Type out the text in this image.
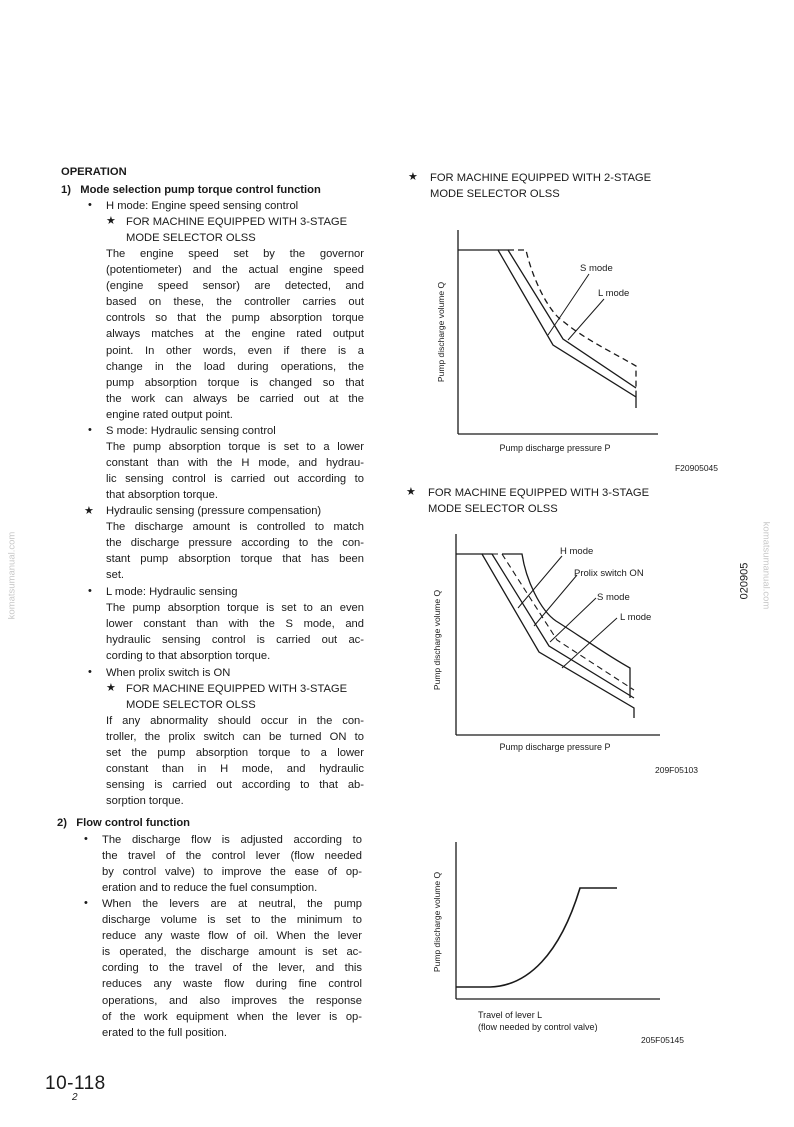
OPERATION
1)   Mode selection pump torque control function
• H mode: Engine speed sensing control
★ FOR MACHINE EQUIPPED WITH 3-STAGE
MODE SELECTOR OLSS
The engine speed set by the governor
(potentiometer) and the actual engine speed
(engine speed sensor) are detected, and
based on these, the controller carries out
controls so that the pump absorption torque
always matches at the engine rated output
point. In other words, even if there is a
change in the load during operations, the
pump absorption torque is changed so that
the work can always be carried out at the
engine rated output point.
• S mode: Hydraulic sensing control
The pump absorption torque is set to a lower
constant than with the H mode, and hydrau-
lic sensing control is carried out according to
that absorption torque.
★ Hydraulic sensing (pressure compensation)
The discharge amount is controlled to match
the discharge pressure according to the con-
stant pump absorption torque that has been
set.
• L mode: Hydraulic sensing
The pump absorption torque is set to an even
lower constant than with the S mode, and
hydraulic sensing control is carried out ac-
cording to that absorption torque.
• When prolix switch is ON
★ FOR MACHINE EQUIPPED WITH 3-STAGE
MODE SELECTOR OLSS
If any abnormality should occur in the con-
troller, the prolix switch can be turned ON to
set the pump absorption torque to a lower
constant than in H mode, and hydraulic
sensing is carried out according to that ab-
sorption torque.
2)   Flow control function
• The discharge flow is adjusted according to
the travel of the control lever (flow needed
by control valve) to improve the ease of op-
eration and to reduce the fuel consumption.
• When the levers are at neutral, the pump
discharge volume is set to the minimum to
reduce any waste flow of oil. When the lever
is operated, the discharge amount is set ac-
cording to the travel of the lever, and this
reduces any waste flow during fine control
operations, and also improves the response
of the work equipment when the lever is op-
erated to the full position.
★ FOR MACHINE EQUIPPED WITH 2-STAGE
MODE SELECTOR OLSS
★ FOR MACHINE EQUIPPED WITH 3-STAGE
MODE SELECTOR OLSS
S mode
L mode
Pump discharge volume Q
Pump discharge pressure P
F20905045
H mode
Prolix switch ON
S mode
L mode
Pump discharge volume Q
Pump discharge pressure P
209F05103
Pump discharge volume Q
Travel of lever L
(flow needed by control valve)
205F05145
komatsumanual.com	komatsumanual.com
020905
10-118
2
